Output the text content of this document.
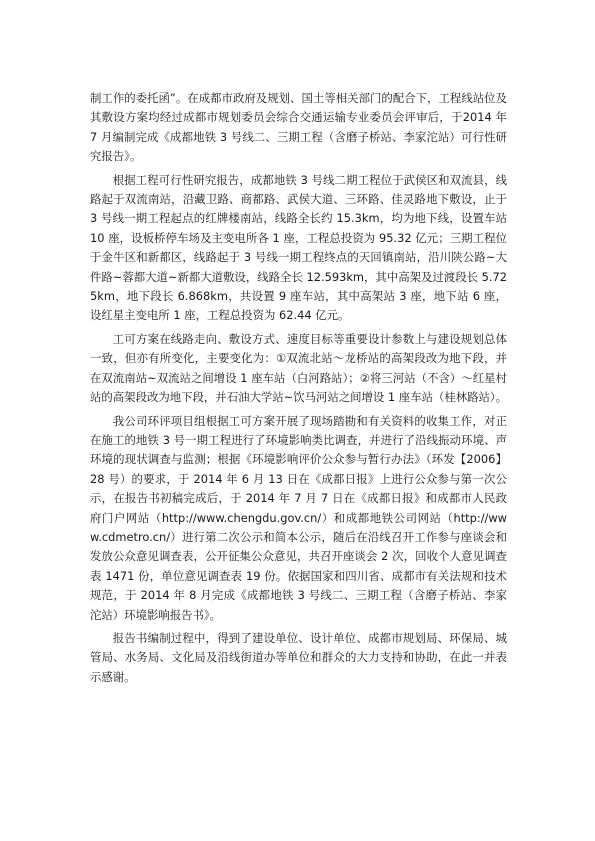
制工作的委托函”。在成都市政府及规划、国土等相关部门的配合下，工程线站位及其敷设方案均经过成都市规划委员会综合交通运输专业委员会评审后，于2014 年 7 月编制完成《成都地铁 3 号线二、三期工程（含磨子桥站、李家沱站）可行性研究报告》。

根据工程可行性研究报告，成都地铁 3 号线二期工程位于武侯区和双流县，线路起于双流南站，沿藏卫路、商都路、武侯大道、三环路、佳灵路地下敷设，止于 3 号线一期工程起点的红牌楼南站，线路全长约 15.3km，均为地下线，设置车站 10 座，设板桥停车场及主变电所各 1 座，工程总投资为 95.32 亿元；三期工程位于金牛区和新都区，线路起于 3 号线一期工程终点的天回镇南站，沿川陕公路~大件路~蓉都大道~新都大道敷设，线路全长 12.593km，其中高架及过渡段长 5.725km，地下段长 6.868km，共设置 9 座车站，其中高架站 3 座，地下站 6 座，设红星主变电所 1 座，工程总投资为 62.44 亿元。

工可方案在线路走向、敷设方式、速度目标等重要设计参数上与建设规划总体一致，但亦有所变化，主要变化为：①双流北站～龙桥站的高架段改为地下段，并在双流南站~双流站之间增设 1 座车站（白河路站）；②将三河站（不含）～红星村站的高架段改为地下段，并石油大学站~饮马河站之间增设 1 座车站（桂林路站）。

我公司环评项目组根据工可方案开展了现场踏勘和有关资料的收集工作，对正在施工的地铁 3 号一期工程进行了环境影响类比调查，并进行了沿线振动环境、声环境的现状调查与监测；根据《环境影响评价公众参与暂行办法》（环发【2006】28 号）的要求，于 2014 年 6 月 13 日在《成都日报》上进行公众参与第一次公示，在报告书初稿完成后，于 2014 年 7 月 7 日在《成都日报》和成都市人民政府门户网站（http://www.chengdu.gov.cn/）和成都地铁公司网站（http://www.cdmetro.cn/）进行第二次公示和简本公示，随后在沿线召开工作参与座谈会和发放公众意见调查表，公开征集公众意见，共召开座谈会 2 次，回收个人意见调查表 1471 份，单位意见调查表 19 份。依据国家和四川省、成都市有关法规和技术规范，于 2014 年 8 月完成《成都地铁 3 号线二、三期工程（含磨子桥站、李家沱站）环境影响报告书》。

报告书编制过程中，得到了建设单位、设计单位、成都市规划局、环保局、城管局、水务局、文化局及沿线街道办等单位和群众的大力支持和协助，在此一并表示感谢。
